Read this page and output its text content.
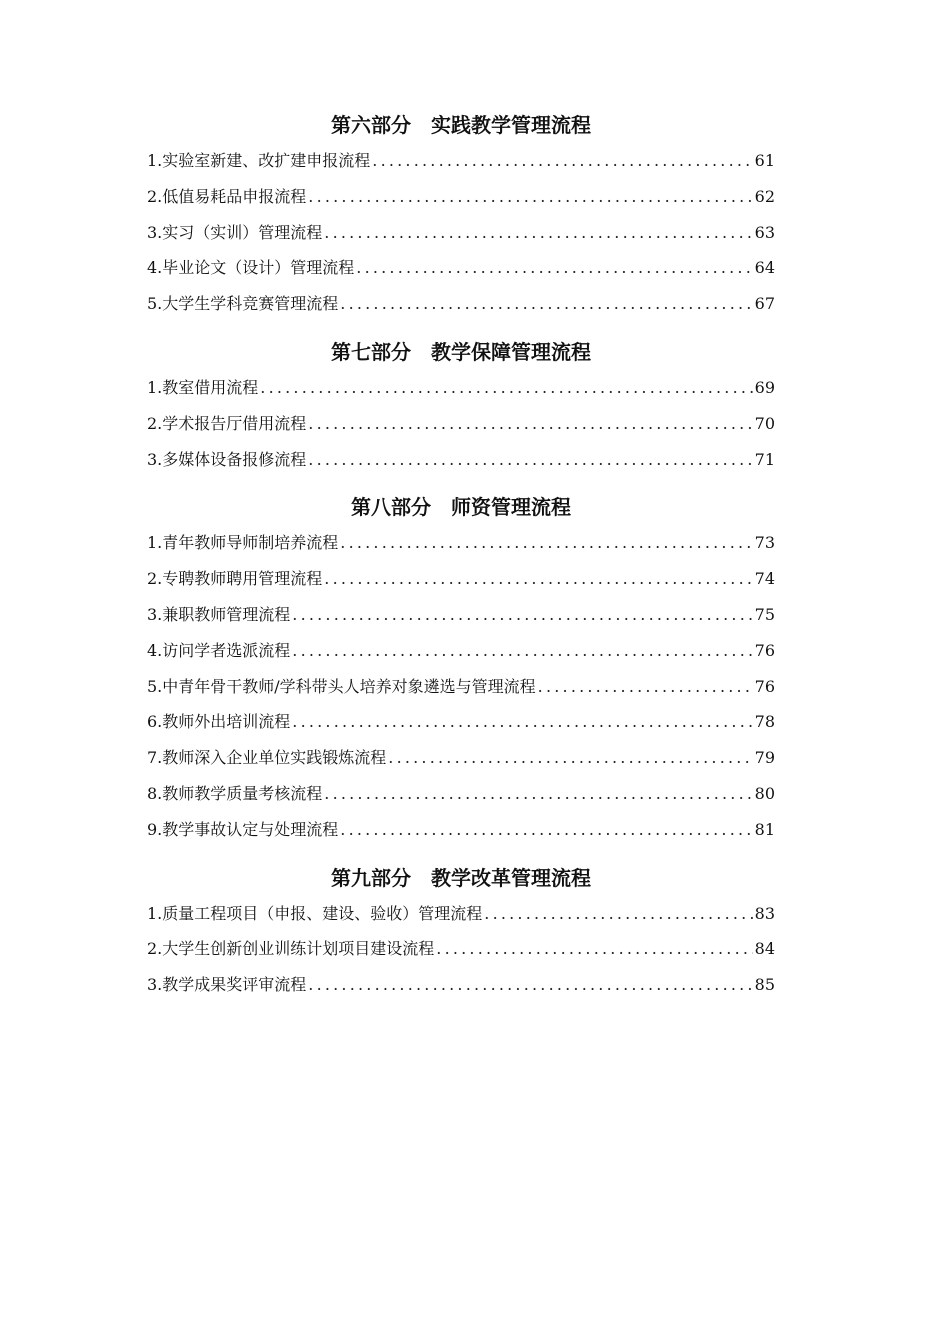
第六部分　实践教学管理流程
1.实验室新建、改扩建申报流程 .....	61
2.低值易耗品申报流程 .....	62
3.实习（实训）管理流程 .....	63
4.毕业论文（设计）管理流程 .....	64
5.大学生学科竞赛管理流程 .....	67
第七部分　教学保障管理流程
1.教室借用流程 .....	69
2.学术报告厅借用流程 .....	70
3.多媒体设备报修流程 .....	71
第八部分　师资管理流程
1.青年教师导师制培养流程 .....	73
2.专聘教师聘用管理流程 .....	74
3.兼职教师管理流程 .....	75
4.访问学者选派流程 .....	76
5.中青年骨干教师/学科带头人培养对象遴选与管理流程 .....	76
6.教师外出培训流程 .....	78
7.教师深入企业单位实践锻炼流程 .....	79
8.教师教学质量考核流程 .....	80
9.教学事故认定与处理流程 .....	81
第九部分　教学改革管理流程
1.质量工程项目（申报、建设、验收）管理流程 .....	83
2.大学生创新创业训练计划项目建设流程 .....	84
3.教学成果奖评审流程 .....	85
